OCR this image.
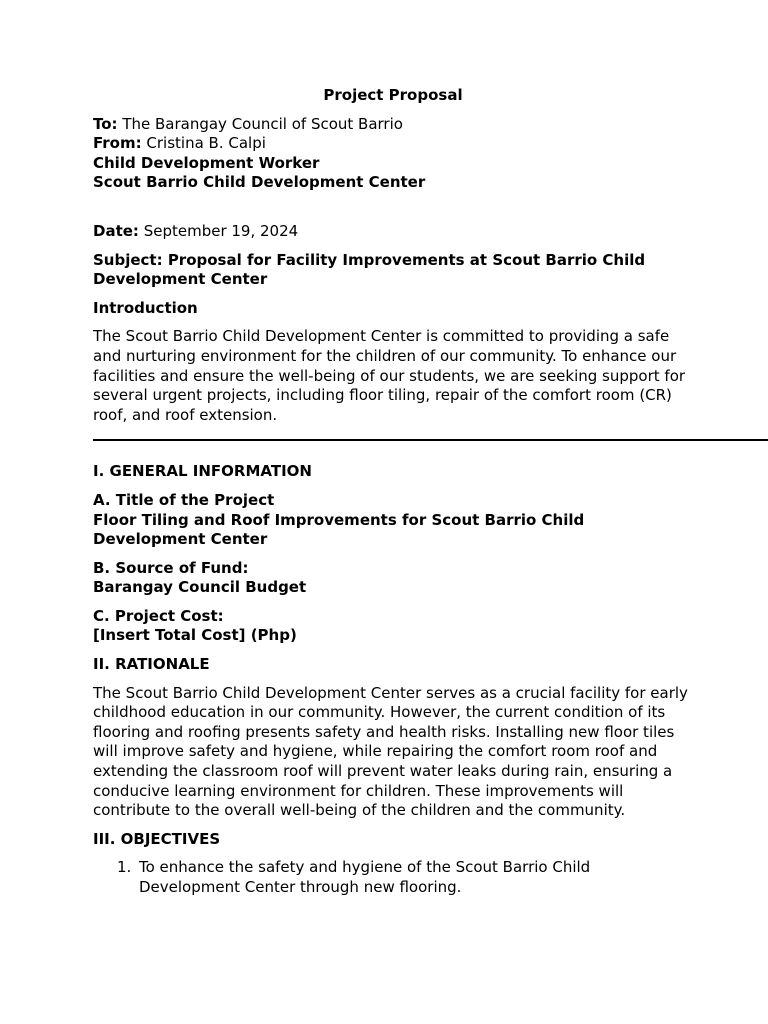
Project Proposal
To: The Barangay Council of Scout Barrio
From: Cristina B. Calpi
Child Development Worker
Scout Barrio Child Development Center
Date: September 19, 2024
Subject: Proposal for Facility Improvements at Scout Barrio Child Development Center
Introduction

The Scout Barrio Child Development Center is committed to providing a safe and nurturing environment for the children of our community. To enhance our facilities and ensure the well-being of our students, we are seeking support for several urgent projects, including floor tiling, repair of the comfort room (CR) roof, and roof extension.

I. GENERAL INFORMATION
A. Title of the Project
Floor Tiling and Roof Improvements for Scout Barrio Child Development Center
B. Source of Fund:
Barangay Council Budget
C. Project Cost:
[Insert Total Cost] (Php)
II. RATIONALE

The Scout Barrio Child Development Center serves as a crucial facility for early childhood education in our community. However, the current condition of its flooring and roofing presents safety and health risks. Installing new floor tiles will improve safety and hygiene, while repairing the comfort room roof and extending the classroom roof will prevent water leaks during rain, ensuring a conducive learning environment for children. These improvements will contribute to the overall well-being of the children and the community.

III. OBJECTIVES
1. To enhance the safety and hygiene of the Scout Barrio Child Development Center through new flooring.
